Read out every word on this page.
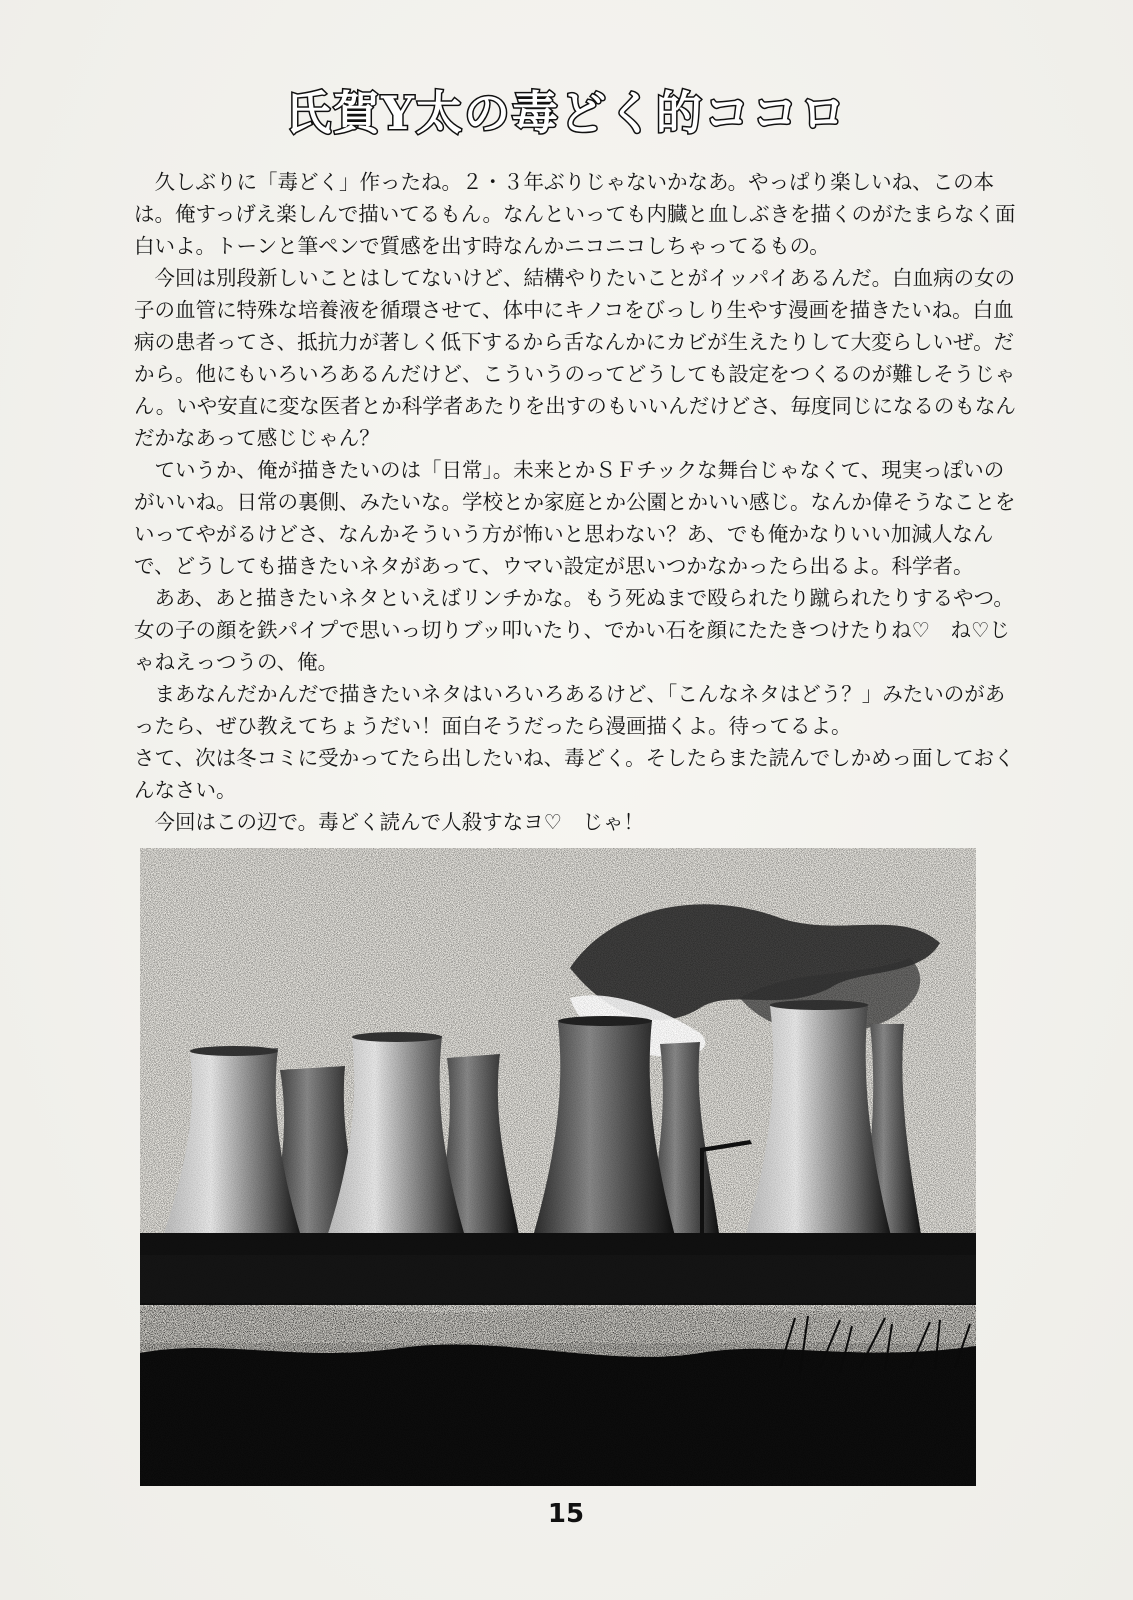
氏賀Y太の毒どく的ココロ

久しぶりに「毒どく」作ったね。２・３年ぶりじゃないかなあ。やっぱり楽しいね、この本は。俺すっげえ楽しんで描いてるもん。なんといっても内臓と血しぶきを描くのがたまらなく面白いよ。トーンと筆ペンで質感を出す時なんかニコニコしちゃってるもの。

今回は別段新しいことはしてないけど、結構やりたいことがイッパイあるんだ。白血病の女の子の血管に特殊な培養液を循環させて、体中にキノコをびっしり生やす漫画を描きたいね。白血病の患者ってさ、抵抗力が著しく低下するから舌なんかにカビが生えたりして大変らしいぜ。だから。他にもいろいろあるんだけど、こういうのってどうしても設定をつくるのが難しそうじゃん。いや安直に変な医者とか科学者あたりを出すのもいいんだけどさ、毎度同じになるのもなんだかなあって感じじゃん？

ていうか、俺が描きたいのは「日常」。未来とかＳＦチックな舞台じゃなくて、現実っぽいのがいいね。日常の裏側、みたいな。学校とか家庭とか公園とかいい感じ。なんか偉そうなことをいってやがるけどさ、なんかそういう方が怖いと思わない？あ、でも俺かなりいい加減人なんで、どうしても描きたいネタがあって、ウマい設定が思いつかなかったら出るよ。科学者。

ああ、あと描きたいネタといえばリンチかな。もう死ぬまで殴られたり蹴られたりするやつ。女の子の顔を鉄パイプで思いっ切りブッ叩いたり、でかい石を顔にたたきつけたりね♡　ね♡じゃねえっつうの、俺。

まあなんだかんだで描きたいネタはいろいろあるけど、「こんなネタはどう？」みたいのがあったら、ぜひ教えてちょうだい！面白そうだったら漫画描くよ。待ってるよ。

さて、次は冬コミに受かってたら出したいね、毒どく。そしたらまた読んでしかめっ面しておくんなさい。

今回はこの辺で。毒どく読んで人殺すなヨ♡　じゃ！

15
